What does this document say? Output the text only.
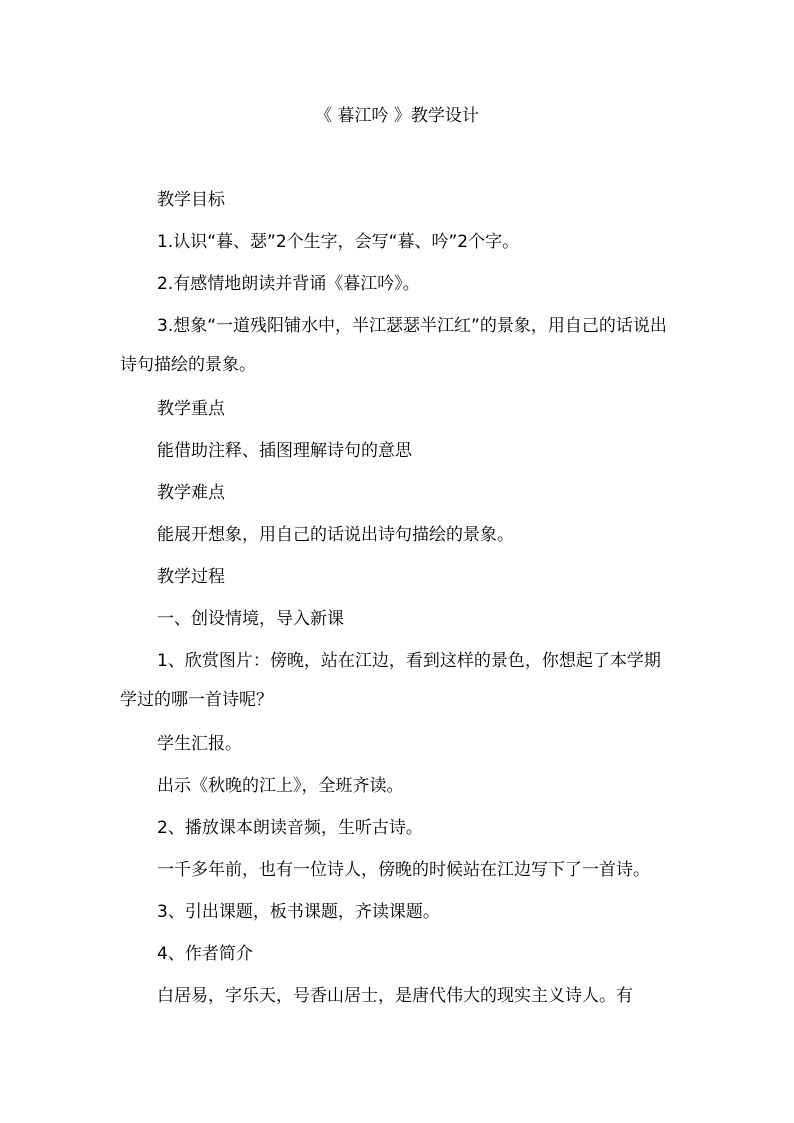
《 暮江吟 》教学设计

教学目标

1.认识“暮、瑟”2个生字，会写“暮、吟”2个字。

2.有感情地朗读并背诵《暮江吟》。

3.想象“一道残阳铺水中，半江瑟瑟半江红”的景象，用自己的话说出诗句描绘的景象。

教学重点

能借助注释、插图理解诗句的意思

教学难点

能展开想象，用自己的话说出诗句描绘的景象。

教学过程

一、创设情境，导入新课

1、欣赏图片：傍晚，站在江边，看到这样的景色，你想起了本学期学过的哪一首诗呢？

学生汇报。

出示《秋晚的江上》，全班齐读。

2、播放课本朗读音频，生听古诗。

一千多年前，也有一位诗人，傍晚的时候站在江边写下了一首诗。

3、引出课题，板书课题，齐读课题。

4、作者简介

白居易，字乐天，号香山居士，是唐代伟大的现实主义诗人。有
